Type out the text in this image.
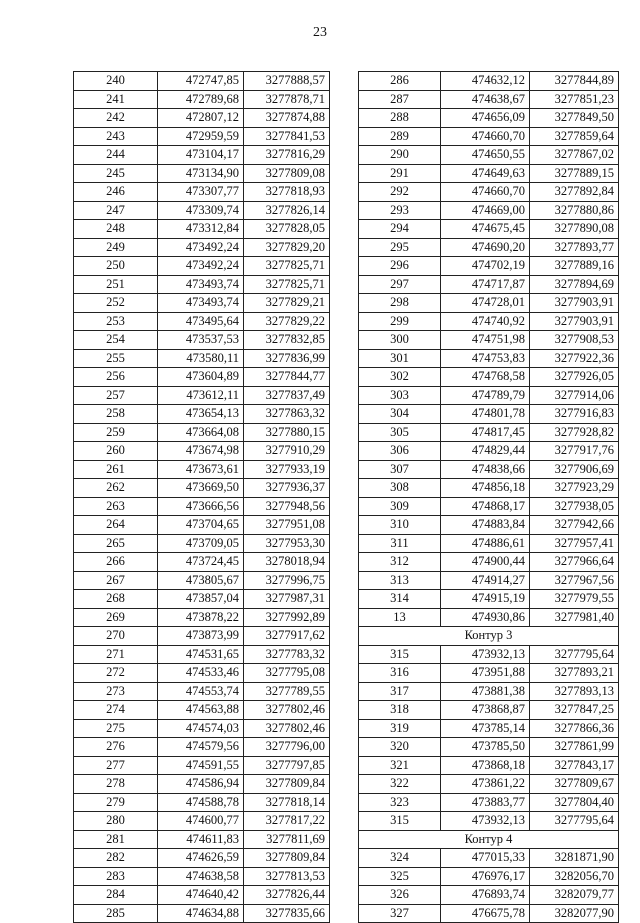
23
240	472747,85	3277888,57
241	472789,68	3277878,71
242	472807,12	3277874,88
243	472959,59	3277841,53
244	473104,17	3277816,29
245	473134,90	3277809,08
246	473307,77	3277818,93
247	473309,74	3277826,14
248	473312,84	3277828,05
249	473492,24	3277829,20
250	473492,24	3277825,71
251	473493,74	3277825,71
252	473493,74	3277829,21
253	473495,64	3277829,22
254	473537,53	3277832,85
255	473580,11	3277836,99
256	473604,89	3277844,77
257	473612,11	3277837,49
258	473654,13	3277863,32
259	473664,08	3277880,15
260	473674,98	3277910,29
261	473673,61	3277933,19
262	473669,50	3277936,37
263	473666,56	3277948,56
264	473704,65	3277951,08
265	473709,05	3277953,30
266	473724,45	3278018,94
267	473805,67	3277996,75
268	473857,04	3277987,31
269	473878,22	3277992,89
270	473873,99	3277917,62
271	474531,65	3277783,32
272	474533,46	3277795,08
273	474553,74	3277789,55
274	474563,88	3277802,46
275	474574,03	3277802,46
276	474579,56	3277796,00
277	474591,55	3277797,85
278	474586,94	3277809,84
279	474588,78	3277818,14
280	474600,77	3277817,22
281	474611,83	3277811,69
282	474626,59	3277809,84
283	474638,58	3277813,53
284	474640,42	3277826,44
285	474634,88	3277835,66
286	474632,12	3277844,89
287	474638,67	3277851,23
288	474656,09	3277849,50
289	474660,70	3277859,64
290	474650,55	3277867,02
291	474649,63	3277889,15
292	474660,70	3277892,84
293	474669,00	3277880,86
294	474675,45	3277890,08
295	474690,20	3277893,77
296	474702,19	3277889,16
297	474717,87	3277894,69
298	474728,01	3277903,91
299	474740,92	3277903,91
300	474751,98	3277908,53
301	474753,83	3277922,36
302	474768,58	3277926,05
303	474789,79	3277914,06
304	474801,78	3277916,83
305	474817,45	3277928,82
306	474829,44	3277917,76
307	474838,66	3277906,69
308	474856,18	3277923,29
309	474868,17	3277938,05
310	474883,84	3277942,66
311	474886,61	3277957,41
312	474900,44	3277966,64
313	474914,27	3277967,56
314	474915,19	3277979,55
13	474930,86	3277981,40
Контур 3		
315	473932,13	3277795,64
316	473951,88	3277893,21
317	473881,38	3277893,13
318	473868,87	3277847,25
319	473785,14	3277866,36
320	473785,50	3277861,99
321	473868,18	3277843,17
322	473861,22	3277809,67
323	473883,77	3277804,40
315	473932,13	3277795,64
Контур 4		
324	477015,33	3281871,90
325	476976,17	3282056,70
326	476893,74	3282079,77
327	476675,78	3282077,90
